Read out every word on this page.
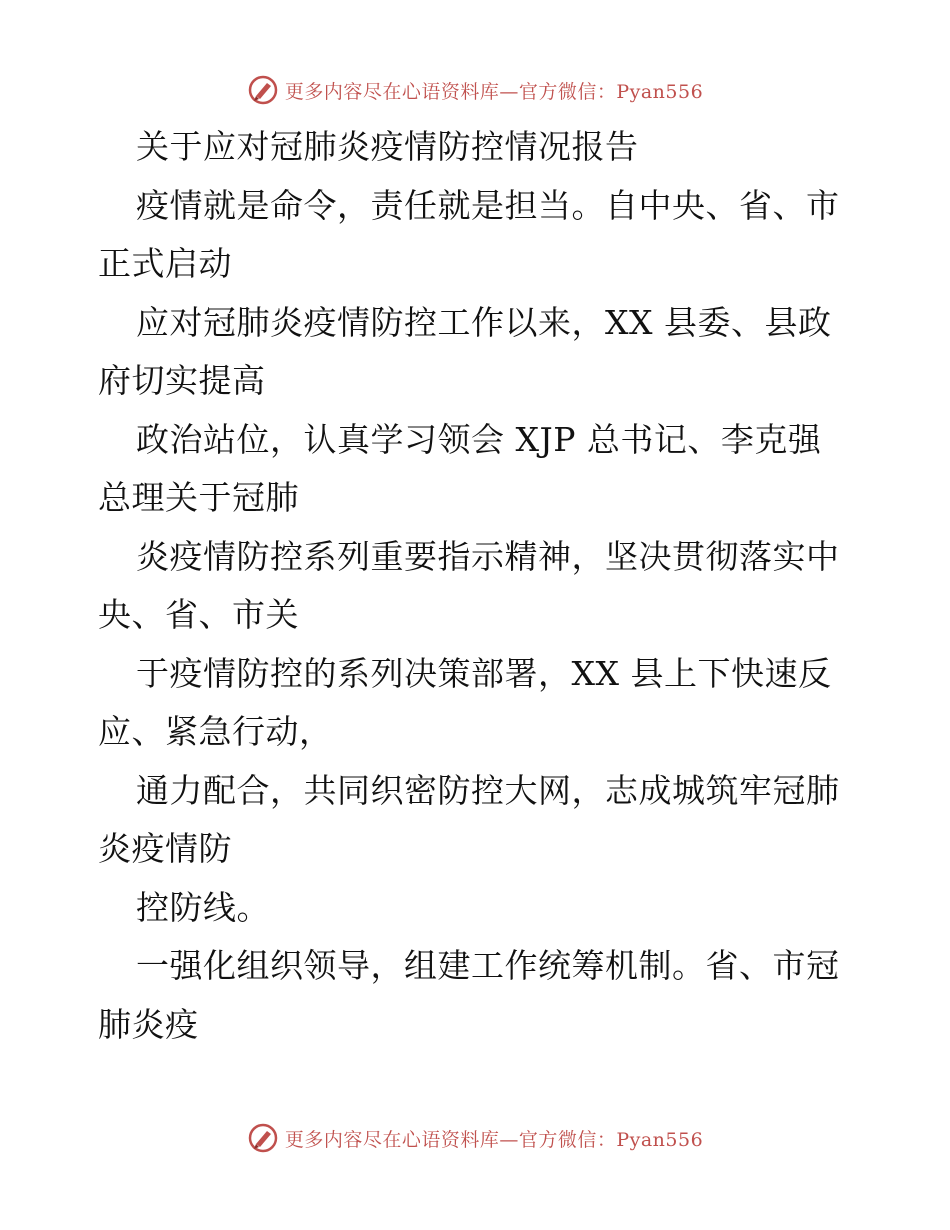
更多内容尽在心语资料库—官方微信：Pyan556
关于应对冠肺炎疫情防控情况报告
疫情就是命令，责任就是担当。自中央、省、市
正式启动
应对冠肺炎疫情防控工作以来，XX 县委、县政
府切实提高
政治站位，认真学习领会 XJP 总书记、李克强
总理关于冠肺
炎疫情防控系列重要指示精神，坚决贯彻落实中
央、省、市关
于疫情防控的系列决策部署，XX 县上下快速反
应、紧急行动，
通力配合，共同织密防控大网，志成城筑牢冠肺
炎疫情防
控防线。
一强化组织领导，组建工作统筹机制。省、市冠
肺炎疫
更多内容尽在心语资料库—官方微信：Pyan556
